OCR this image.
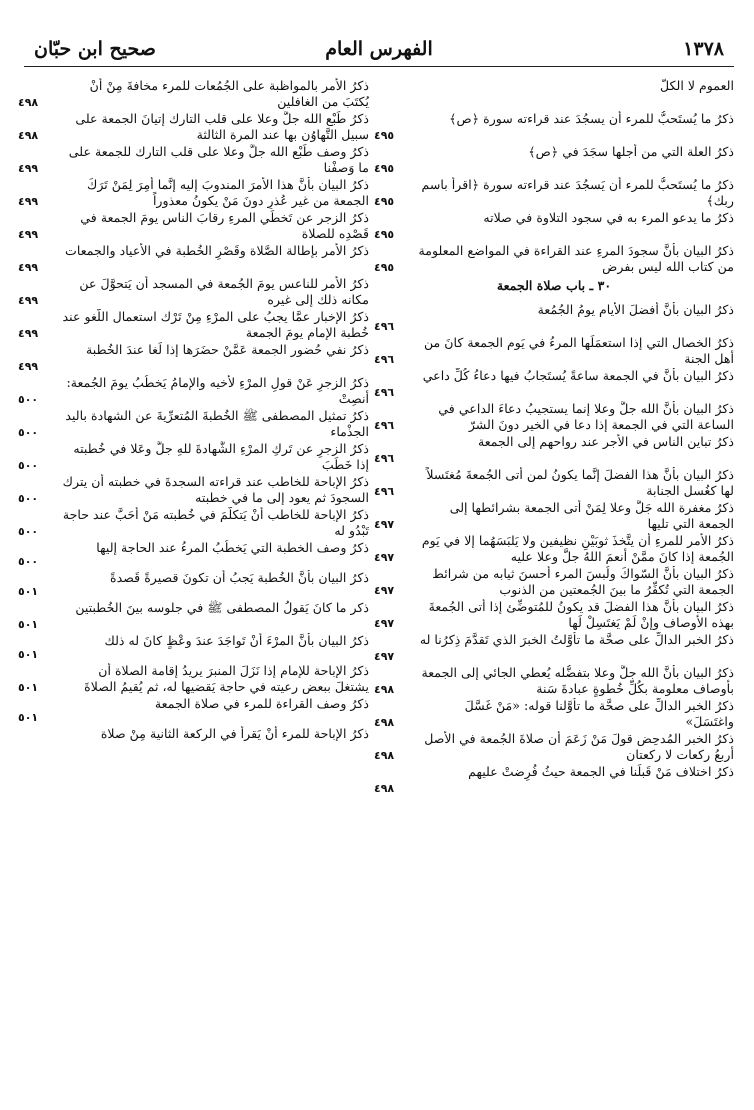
١٣٧٨
الفهرس العام
صحيح ابن حبّان
العموم لا الكلّ
ذكرُ ما يُستَحبُّ للمرء أن يسجُدَ عند قراءته سورة ﴿ص﴾
٤٩٥
ذكرُ العلة التي من أجلها سجَدَ في ﴿ص﴾
٤٩٥
ذكرُ ما يُستَحبُّ للمرء أن يَسجُدَ عند قراءته سورة ﴿اقرأ باسم ربك﴾
٤٩٥
ذكرُ ما يدعو المرء به في سجود التلاوة في صلاته
٤٩٥
ذكرُ البيان بأنَّ سجودَ المرءِ عند القراءة في المواضع المعلومة من كتاب الله ليس بفرض
٤٩٥
٣٠ ـ باب صلاة الجمعة
ذكرُ البيان بأنَّ أفضلَ الأيام يومُ الجُمُعة
٤٩٦
ذكرُ الخصال التي إذا استعمَلَها المرءُ في يَوم الجمعة كانَ من أهل الجنة
٤٩٦
ذكرُ البيان بأنَّ في الجمعة ساعةً يُستَجابُ فيها دعاءُ كُلِّ داعي
٤٩٦
ذكرُ البيان بأنَّ الله جلَّ وعلا إنما يستجيبُ دعاءَ الداعي في الساعة التي في الجمعة إذا دعا في الخير دونَ الشرّ
٤٩٦
ذكرُ تباين الناس في الأجر عند رواحهم إلى الجمعة
٤٩٦
ذكرُ البيان بأنَّ هذا الفضلَ إنَّما يكونُ لمن أتى الجُمعةَ مُغتَسلاً لها كغُسل الجنابة
٤٩٦
ذكرُ مغفرة الله جَلَّ وعلا لِمَنْ أتى الجمعة بشرائطها إلى الجمعة التي تليها
٤٩٧
ذكرُ الأمر للمرءِ أن يتَّخذَ ثوبَيْنِ نظيفين ولا يَلبَسَهُما إلا في يَوم الجُمعة إذا كانَ ممَّنْ أنعمَ اللهُ جلَّ وعلا عليه
٤٩٧
ذكرُ البيان بأنَّ السّواكَ ولُبسَ المرء أحسنَ ثيابه من شرائط الجمعة التي تُكفِّرُ ما بينَ الجُمعتين من الذنوب
٤٩٧
ذكرُ البيان بأنَّ هذا الفضلَ قد يكونُ للمُتوضِّئ إذا أتى الجُمعةَ بهذه الأوصاف وإنْ لَمْ يَغتَسِلْ لَها
٤٩٧
ذكرُ الخبر الدالِّ على صحَّة ما تأوَّلتُ الخبرَ الذي تَقدَّمَ ذِكرُنا له
٤٩٧
ذكرُ البيان بأنَّ الله جلَّ وعلا بتفضُّله يُعطي الجائي إلى الجمعة بأوصاف معلومة بكُلِّ خُطوةٍ عبادةَ سَنة
٤٩٨
ذكرُ الخبر الدالِّ على صحَّة ما تأوَّلنا قوله: «مَنْ غَسَّلَ واغتَسَلَ»
٤٩٨
ذكرُ الخبر المُدحِض قولَ مَنْ زَعَمَ أن صلاةَ الجُمعة في الأصل أربعُ ركعات لا ركعتان
٤٩٨
ذكرُ اختلاف مَنْ قَبلَنا في الجمعة حيثُ فُرِضتْ عليهم
٤٩٨
ذكرُ الأمر بالمواظبة على الجُمُعات للمرء مخافةَ مِنْ أنْ يُكتَبَ من الغافلين
٤٩٨
ذكرُ طَبْع الله جلَّ وعلا على قلب التارك إتيانَ الجمعة على سبيل التَّهاوُن بها عند المرة الثالثة
٤٩٨
ذكرُ وصف طَبْع الله جلَّ وعلا على قلب التارك للجمعة على ما وَصفْنا
٤٩٩
ذكرُ البيان بأنَّ هذا الأمرَ المندوبَ إليه إنَّما أُمِرَ لِمَنْ تَرَكَ الجمعة من غير عُذرٍ دونَ مَنْ يكونُ معذوراً
٤٩٩
ذكرُ الزجر عن تَخطِّي المرءِ رقابَ الناس يومَ الجمعة في قَصْدِه للصلاة
٤٩٩
ذكرُ الأمر بإطالة الصَّلاة وقَصْرِ الخُطبة في الأعياد والجمعات
٤٩٩
ذكرُ الأمر للناعس يومَ الجُمعة في المسجد أن يَتحوَّلَ عن مكانه ذلك إلى غيره
٤٩٩
ذكرُ الإخبار عمَّا يجبُ على المرْءِ مِنْ تَرْك استعمال اللَّغو عند خُطبة الإمام يومَ الجمعة
٤٩٩
ذكرُ نفي حُضور الجمعة عَمَّنْ حضَرَها إذا لَغا عندَ الخُطبة
٤٩٩
ذكرُ الزجرِ عَنْ قولِ المرْءِ لأخيه والإمامُ يَخطُبُ يومَ الجُمعة: أنصِتْ
٥٠٠
ذكرُ تمثيل المصطفى ﷺ الخُطبةَ المُتعرِّيةَ عن الشهادة باليد الجذْماء
٥٠٠
ذكرُ الزجرِ عن تَركِ المرْءِ الشَّهادةَ للهِ جلَّ وعَلا في خُطبته إذا خَطَبَ
٥٠٠
ذكرُ الإباحة للخاطب عند قراءته السجدةَ في خطبته أن يترك السجودَ ثم يعود إلى ما في خطبته
٥٠٠
ذكرُ الإباحة للخاطب أنْ يَتكلَّمَ في خُطبته مَنْ أحَبَّ عند حاجة تَبْدُو له
٥٠٠
ذكرُ وصف الخطبة التي يَخطُبُ المرءُ عند الحاجة إليها
٥٠٠
ذكرُ البيان بأنَّ الخُطبة يَجبُ أن تكونَ قصيرةً قَصدةً
٥٠١
ذكر ما كانَ يَقولُ المصطفى ﷺ في جلوسه بينَ الخُطبتين
٥٠١
ذكرُ البيان بأنَّ المرْءَ أنْ تَواجَدَ عندَ وعْظٍ كانَ له ذلك
٥٠١
ذكرُ الإباحة للإمام إذا نَزَلَ المنبرَ يريدُ إقامة الصلاة أن يشتغلَ ببعض رعيته في حاجة يَقضيها له، ثم يُقيمُ الصلاةَ
٥٠١
ذكرُ وصف القراءة للمرء في صلاة الجمعة
٥٠١
ذكرُ الإباحة للمرء أنْ يَقرأَ في الركعة الثانية مِنْ صلاة
